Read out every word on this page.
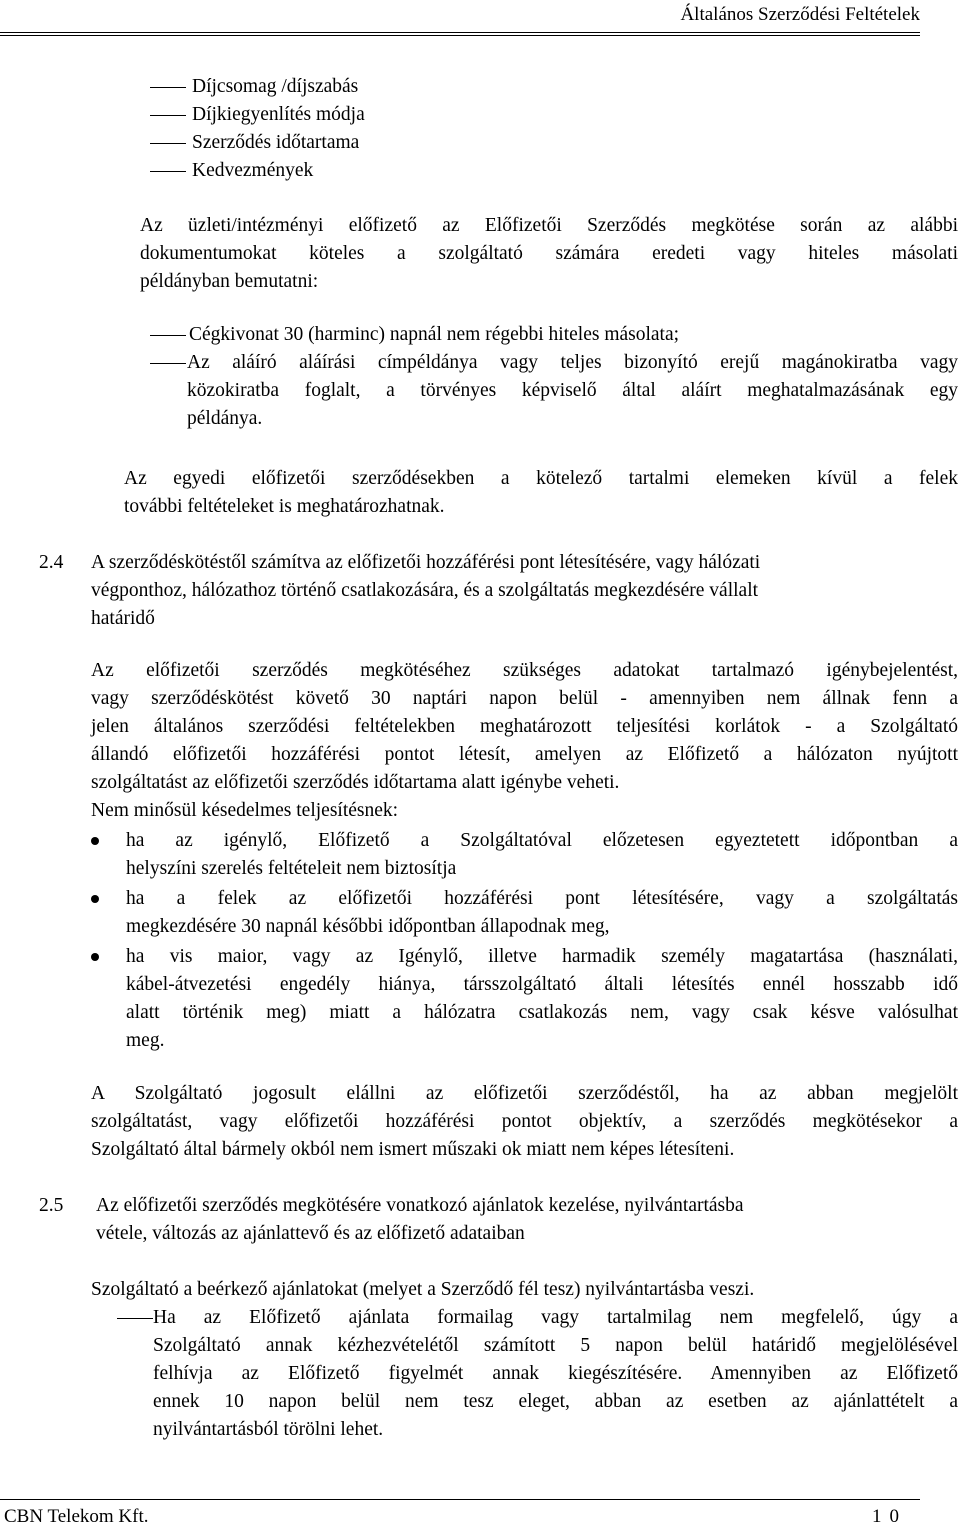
Általános Szerződési Feltételek
Díjcsomag /díjszabás
Díjkiegyenlítés módja
Szerződés időtartama
Kedvezmények
Az üzleti/intézményi előfizető az Előfizetői Szerződés megkötése során az alábbi
dokumentumokat köteles a szolgáltató számára eredeti vagy hiteles másolati
példányban bemutatni:
Cégkivonat 30 (harminc) napnál nem régebbi hiteles másolata;
Az aláíró aláírási címpéldánya vagy teljes bizonyító erejű magánokiratba vagy
közokiratba foglalt, a törvényes képviselő által aláírt meghatalmazásának egy
példánya.
Az egyedi előfizetői szerződésekben a kötelező tartalmi elemeken kívül a felek
további feltételeket is meghatározhatnak.
2.4 A szerződéskötéstől számítva az előfizetői hozzáférési pont létesítésére, vagy hálózati
végponthoz, hálózathoz történő csatlakozására, és a szolgáltatás megkezdésére vállalt
határidő
Az előfizetői szerződés megkötéséhez szükséges adatokat tartalmazó igénybejelentést,
vagy szerződéskötést követő 30 naptári napon belül - amennyiben nem állnak fenn a
jelen általános szerződési feltételekben meghatározott teljesítési korlátok - a Szolgáltató
állandó előfizetői hozzáférési pontot létesít, amelyen az Előfizető a hálózaton nyújtott
szolgáltatást az előfizetői szerződés időtartama alatt igénybe veheti.
Nem minősül késedelmes teljesítésnek:
ha az igénylő, Előfizető a Szolgáltatóval előzetesen egyeztetett időpontban a
helyszíni szerelés feltételeit nem biztosítja
ha a felek az előfizetői hozzáférési pont létesítésére, vagy a szolgáltatás
megkezdésére 30 napnál későbbi időpontban állapodnak meg,
ha vis maior, vagy az Igénylő, illetve harmadik személy magatartása (használati,
kábel-átvezetési engedély hiánya, társszolgáltató általi létesítés ennél hosszabb idő
alatt történik meg) miatt a hálózatra csatlakozás nem, vagy csak késve valósulhat
meg.
A Szolgáltató jogosult elállni az előfizetői szerződéstől, ha az abban megjelölt
szolgáltatást, vagy előfizetői hozzáférési pontot objektív, a szerződés megkötésekor a
Szolgáltató által bármely okból nem ismert műszaki ok miatt nem képes létesíteni.
2.5 Az előfizetői szerződés megkötésére vonatkozó ajánlatok kezelése, nyilvántartásba
vétele, változás az ajánlattevő és az előfizető adataiban
Szolgáltató a beérkező ajánlatokat (melyet a Szerződő fél tesz) nyilvántartásba veszi.
Ha az Előfizető ajánlata formailag vagy tartalmilag nem megfelelő, úgy a
Szolgáltató annak kézhezvételétől számított 5 napon belül határidő megjelölésével
felhívja az Előfizető figyelmét annak kiegészítésére. Amennyiben az Előfizető
ennek 10 napon belül nem tesz eleget, abban az esetben az ajánlattételt a
nyilvántartásból törölni lehet.
CBN Telekom Kft.	10
